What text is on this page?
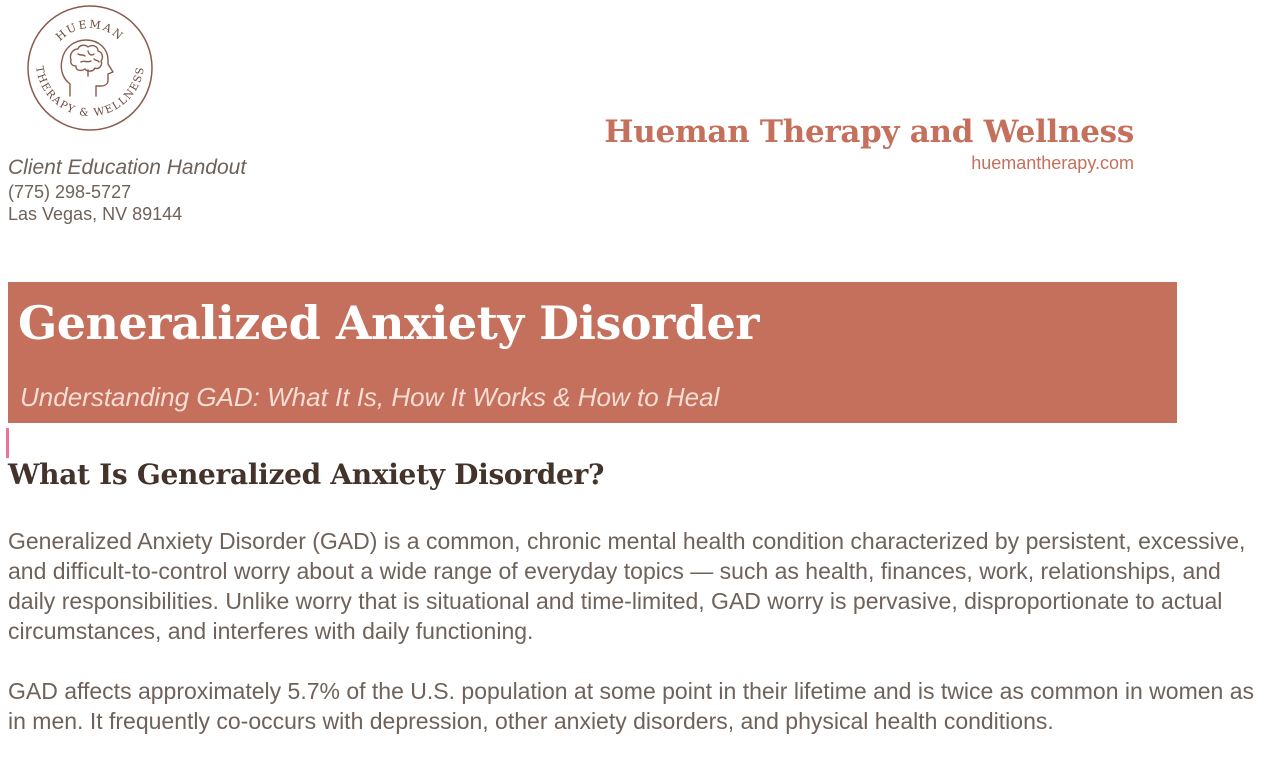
HUEMAN
THERAPY & WELLNESS
Client Education Handout
(775) 298-5727
Las Vegas, NV 89144
Hueman Therapy and Wellness
huemantherapy.com
Generalized Anxiety Disorder
Understanding GAD: What It Is, How It Works & How to Heal
What Is Generalized Anxiety Disorder?

Generalized Anxiety Disorder (GAD) is a common, chronic mental health condition characterized by persistent, excessive, and difficult-to-control worry about a wide range of everyday topics — such as health, finances, work, relationships, and daily responsibilities. Unlike worry that is situational and time-limited, GAD worry is pervasive, disproportionate to actual circumstances, and interferes with daily functioning.

GAD affects approximately 5.7% of the U.S. population at some point in their lifetime and is twice as common in women as in men. It frequently co-occurs with depression, other anxiety disorders, and physical health conditions.
